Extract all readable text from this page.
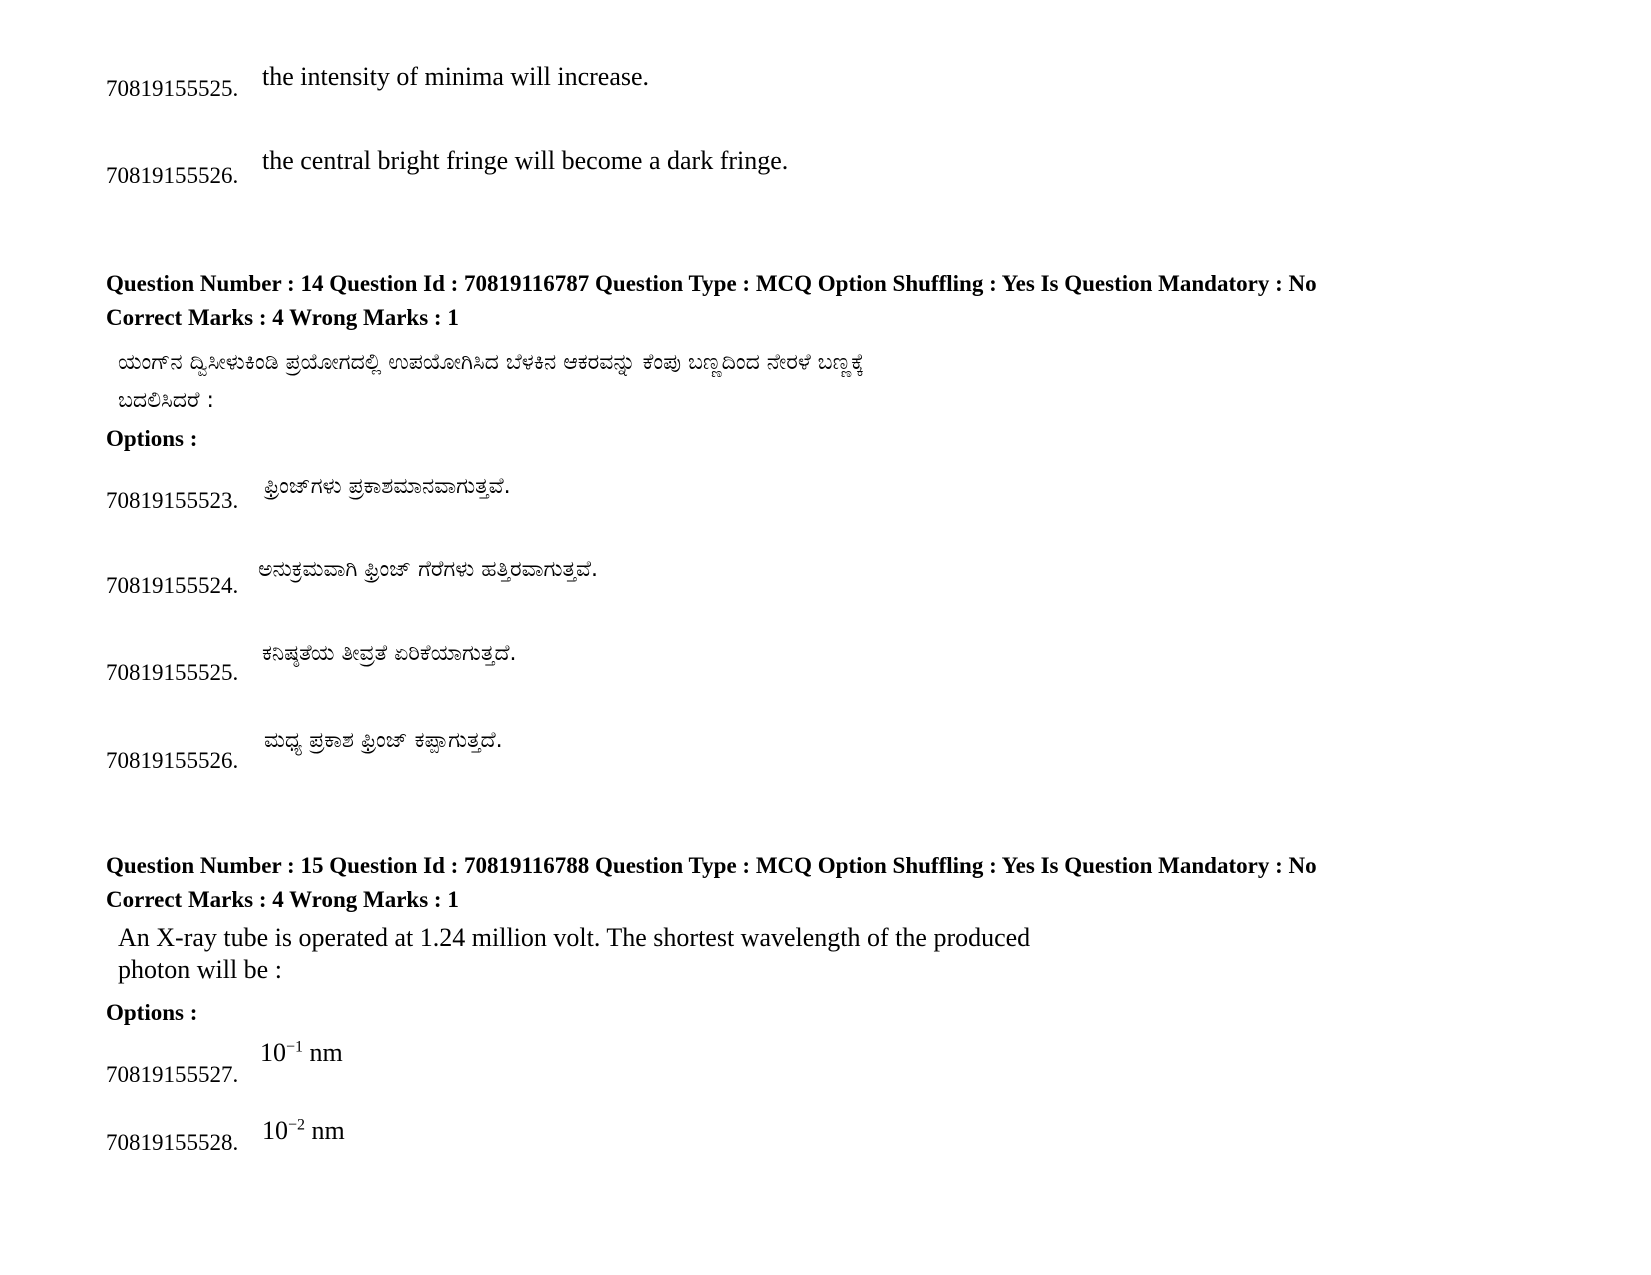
70819155525. the intensity of minima will increase.
70819155526.
the central bright fringe will become a dark fringe.
Question Number : 14 Question Id : 70819116787 Question Type : MCQ Option Shuffling : Yes Is Question Mandatory : No
Correct Marks : 4 Wrong Marks : 1
ಯಂಗ್‌ನ ದ್ವಿಸೀಳುಕಿಂಡಿ ಪ್ರಯೋಗದಲ್ಲಿ ಉಪಯೋಗಿಸಿದ ಬೆಳಕಿನ ಆಕರವನ್ನು ಕೆಂಪು ಬಣ್ಣದಿಂದ ನೇರಳೆ ಬಣ್ಣಕ್ಕೆ
ಬದಲಿಸಿದರೆ :
Options :
70819155523.
ಫ್ರಿಂಜ್‌ಗಳು ಪ್ರಕಾಶಮಾನವಾಗುತ್ತವೆ.
70819155524.
ಅನುಕ್ರಮವಾಗಿ ಫ್ರಿಂಜ್ ಗೆರೆಗಳು ಹತ್ತಿರವಾಗುತ್ತವೆ.
70819155525.
ಕನಿಷ್ಠತೆಯ ತೀವ್ರತೆ ಏರಿಕೆಯಾಗುತ್ತದೆ.
70819155526.
ಮಧ್ಯ ಪ್ರಕಾಶ ಫ್ರಿಂಜ್ ಕಪ್ಪಾಗುತ್ತದೆ.
Question Number : 15 Question Id : 70819116788 Question Type : MCQ Option Shuffling : Yes Is Question Mandatory : No
Correct Marks : 4 Wrong Marks : 1
An X-ray tube is operated at 1.24 million volt. The shortest wavelength of the produced
photon will be :
Options :
70819155527.
$10^{-1}$ nm
70819155528. $10^{-2}$ nm
